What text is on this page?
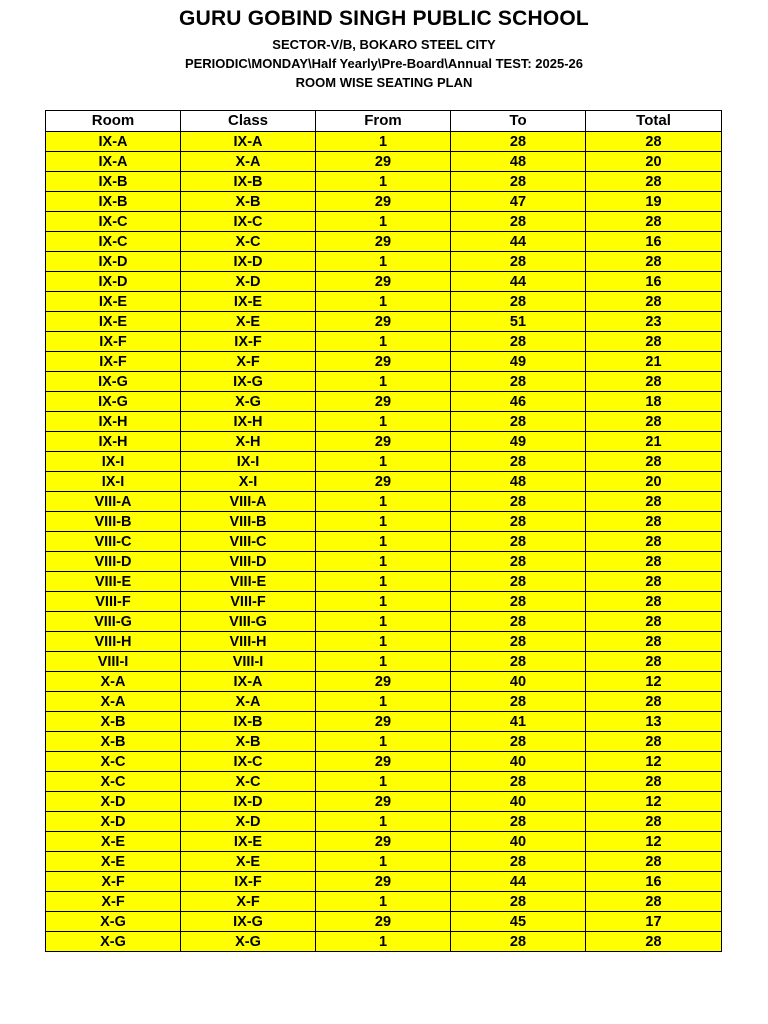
GURU GOBIND SINGH PUBLIC SCHOOL
SECTOR-V/B, BOKARO STEEL CITY
PERIODIC\MONDAY\Half Yearly\Pre-Board\Annual TEST: 2025-26
ROOM WISE SEATING PLAN
Room	Class	From	To	Total
IX-A	IX-A	1	28	28
IX-A	X-A	29	48	20
IX-B	IX-B	1	28	28
IX-B	X-B	29	47	19
IX-C	IX-C	1	28	28
IX-C	X-C	29	44	16
IX-D	IX-D	1	28	28
IX-D	X-D	29	44	16
IX-E	IX-E	1	28	28
IX-E	X-E	29	51	23
IX-F	IX-F	1	28	28
IX-F	X-F	29	49	21
IX-G	IX-G	1	28	28
IX-G	X-G	29	46	18
IX-H	IX-H	1	28	28
IX-H	X-H	29	49	21
IX-I	IX-I	1	28	28
IX-I	X-I	29	48	20
VIII-A	VIII-A	1	28	28
VIII-B	VIII-B	1	28	28
VIII-C	VIII-C	1	28	28
VIII-D	VIII-D	1	28	28
VIII-E	VIII-E	1	28	28
VIII-F	VIII-F	1	28	28
VIII-G	VIII-G	1	28	28
VIII-H	VIII-H	1	28	28
VIII-I	VIII-I	1	28	28
X-A	IX-A	29	40	12
X-A	X-A	1	28	28
X-B	IX-B	29	41	13
X-B	X-B	1	28	28
X-C	IX-C	29	40	12
X-C	X-C	1	28	28
X-D	IX-D	29	40	12
X-D	X-D	1	28	28
X-E	IX-E	29	40	12
X-E	X-E	1	28	28
X-F	IX-F	29	44	16
X-F	X-F	1	28	28
X-G	IX-G	29	45	17
X-G	X-G	1	28	28
